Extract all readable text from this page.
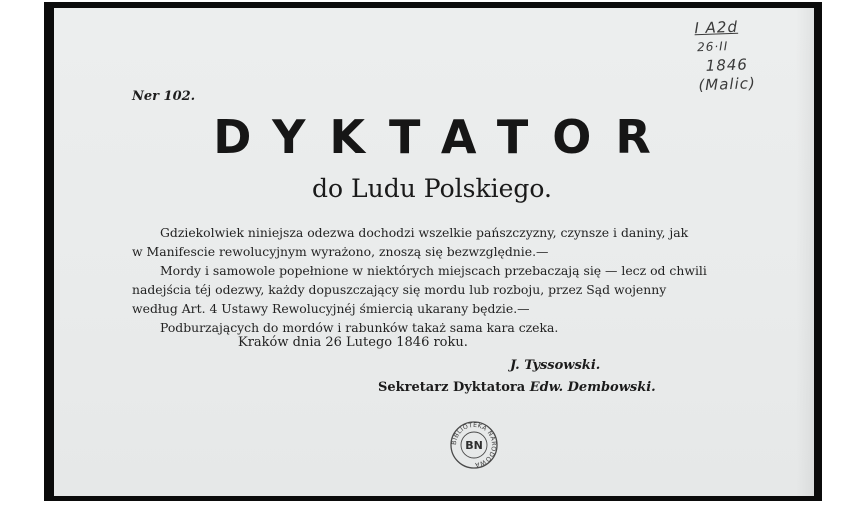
I A2d
26·II
1846
(Malic)
Ner 102.
DYKTATOR
do Ludu Polskiego.
Gdziekolwiek niniejsza odezwa dochodzi wszelkie pańszczyzny, czynsze i daniny, jak
w Manifescie rewolucyjnym wyrażono, znoszą się bezwzględnie.—
Mordy i samowole popełnione w niektórych miejscach przebaczają się — lecz od chwili
nadejścia téj odezwy, każdy dopuszczający się mordu lub rozboju, przez Sąd wojenny
według Art. 4 Ustawy Rewolucyjnéj śmiercią ukarany będzie.—
Podburzających do mordów i rabunków takaż sama kara czeka.
Kraków dnia 26 Lutego 1846 roku.
J. Tyssowski.
Sekretarz Dyktatora Edw. Dembowski.
BIBLIOTEKA NARODOWA
BN
